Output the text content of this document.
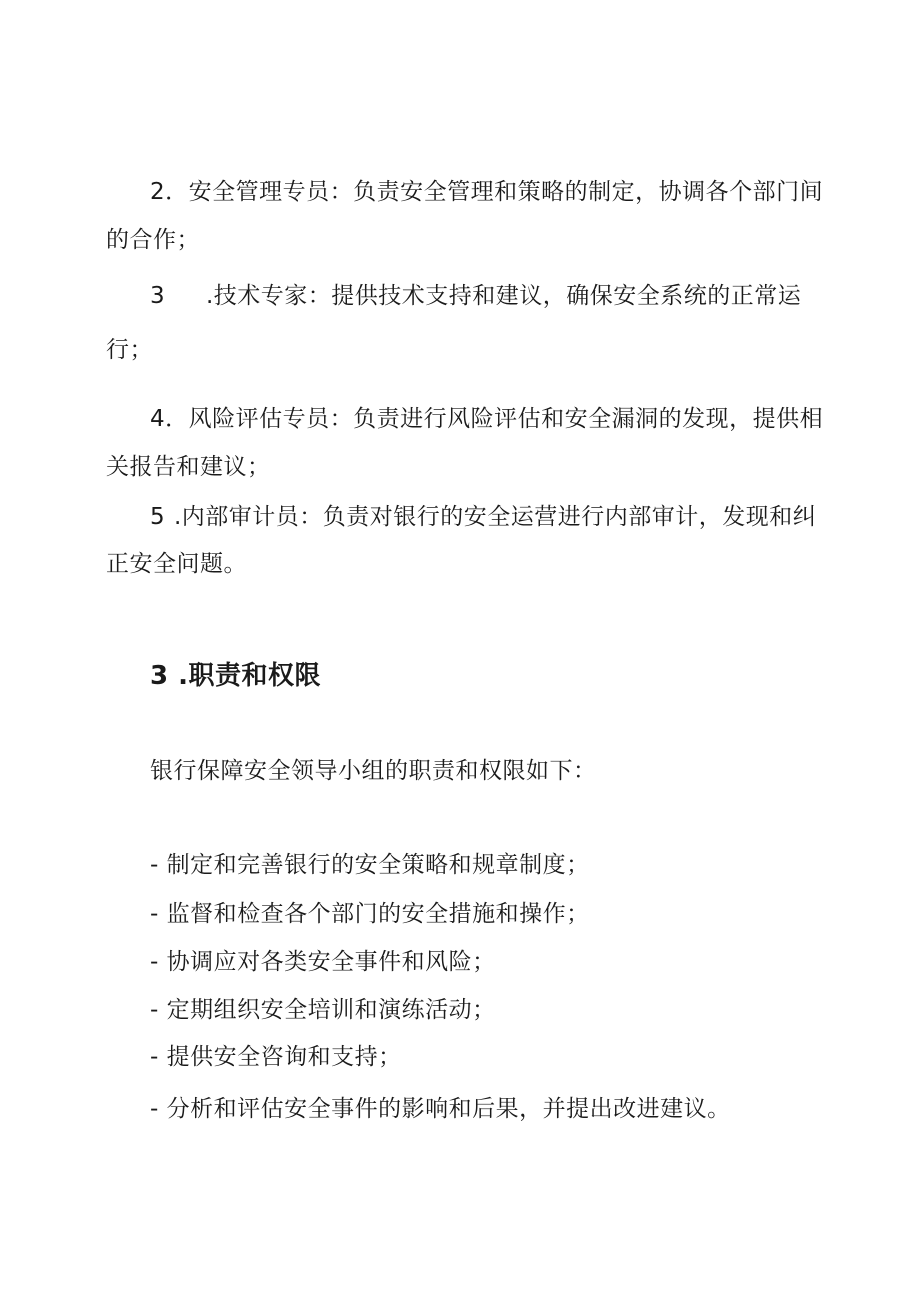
2．安全管理专员：负责安全管理和策略的制定，协调各个部门间
的合作；
3 .技术专家：提供技术支持和建议，确保安全系统的正常运
行；
4．风险评估专员：负责进行风险评估和安全漏洞的发现，提供相
关报告和建议；
5 .内部审计员：负责对银行的安全运营进行内部审计，发现和纠
正安全问题。
3 .职责和权限
银行保障安全领导小组的职责和权限如下：
- 制定和完善银行的安全策略和规章制度；
- 监督和检查各个部门的安全措施和操作；
- 协调应对各类安全事件和风险；
- 定期组织安全培训和演练活动；
- 提供安全咨询和支持；
- 分析和评估安全事件的影响和后果，并提出改进建议。
